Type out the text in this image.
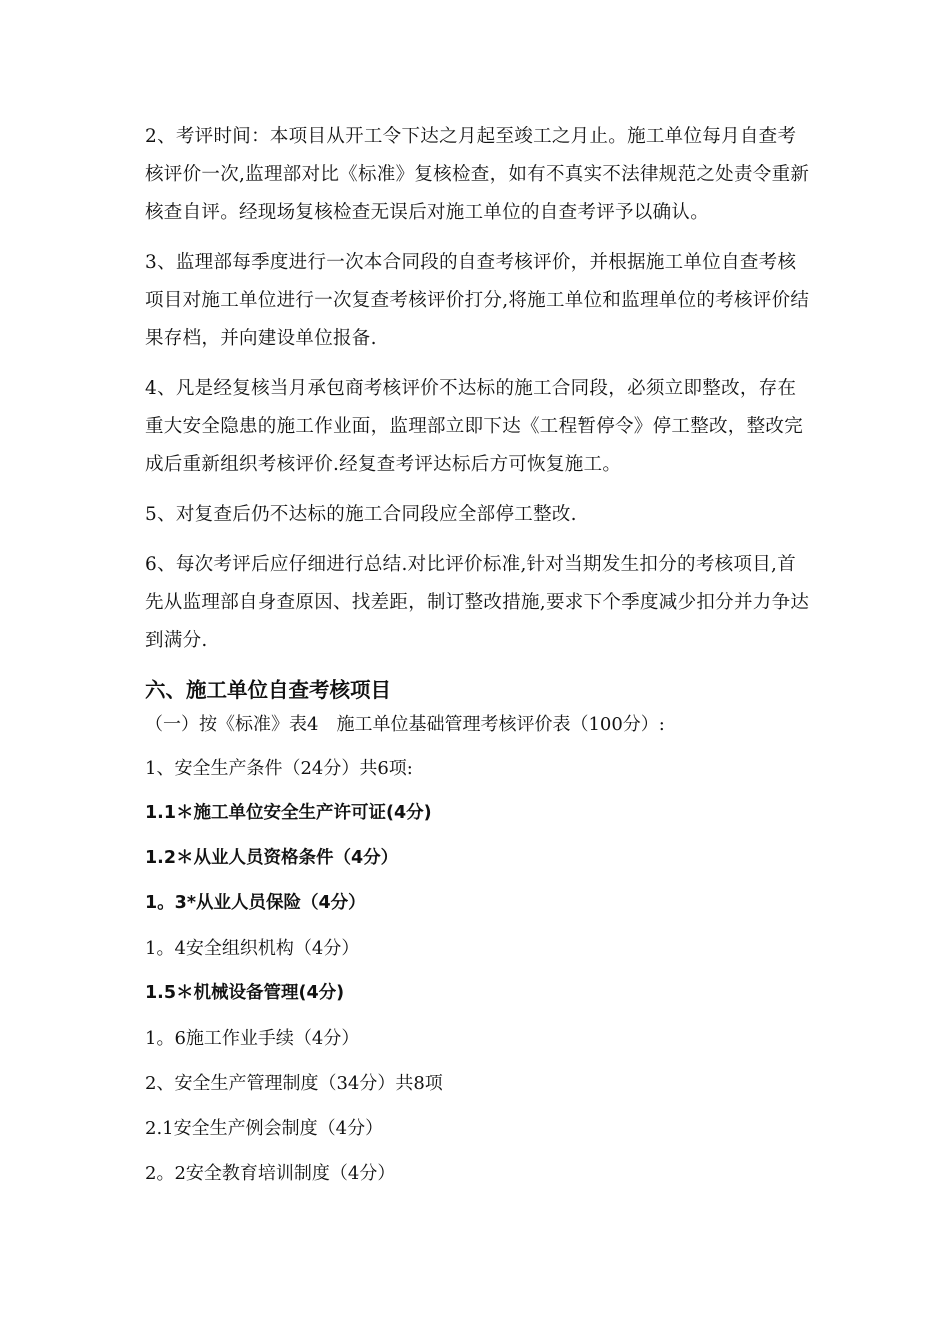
2、考评时间：本项目从开工令下达之月起至竣工之月止。施工单位每月自查考核评价一次,监理部对比《标准》复核检查，如有不真实不法律规范之处责令重新核查自评。经现场复核检查无误后对施工单位的自查考评予以确认。

3、监理部每季度进行一次本合同段的自查考核评价，并根据施工单位自查考核项目对施工单位进行一次复查考核评价打分,将施工单位和监理单位的考核评价结果存档，并向建设单位报备.

4、凡是经复核当月承包商考核评价不达标的施工合同段，必须立即整改，存在重大安全隐患的施工作业面，监理部立即下达《工程暂停令》停工整改，整改完成后重新组织考核评价.经复查考评达标后方可恢复施工。

5、对复查后仍不达标的施工合同段应全部停工整改.

6、每次考评后应仔细进行总结.对比评价标准,针对当期发生扣分的考核项目,首先从监理部自身查原因、找差距，制订整改措施,要求下个季度减少扣分并力争达到满分.

六、施工单位自查考核项目

（一）按《标准》表4　施工单位基础管理考核评价表（100分）:

1、安全生产条件（24分）共6项:

1.1＊施工单位安全生产许可证(4分)

1.2＊从业人员资格条件（4分）

1。3*从业人员保险（4分）

1。4安全组织机构（4分）

1.5＊机械设备管理(4分)

1。6施工作业手续（4分）

2、安全生产管理制度（34分）共8项

2.1安全生产例会制度（4分）

2。2安全教育培训制度（4分）
